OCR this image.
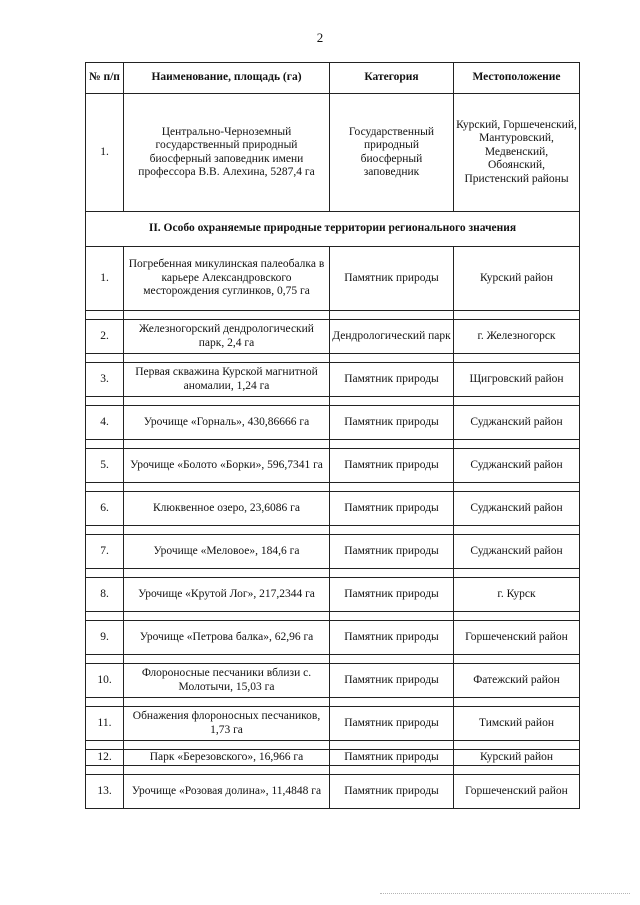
2
№ п/п	Наименование, площадь (га)	Категория	Местоположение
1.	Центрально-Черноземный государственный природный биосферный заповедник имени профессора В.В. Алехина, 5287,4 га	Государственный природный биосферный заповедник	Курский, Горшеченский, Мантуровский, Медвенский, Обоянский, Пристенский районы
II. Особо охраняемые природные территории регионального значения			
1.	Погребенная микулинская палеобалка в карьере Александровского месторождения суглинков, 0,75 га	Памятник природы	Курский район

2.	Железногорский дендрологический парк, 2,4 га	Дендрологический парк	г. Железногорск

3.	Первая скважина Курской магнитной аномалии, 1,24 га	Памятник природы	Щигровский район

4.	Урочище «Горналь», 430,86666 га	Памятник природы	Суджанский район

5.	Урочище «Болото «Борки», 596,7341 га	Памятник природы	Суджанский район

6.	Клюквенное озеро, 23,6086 га	Памятник природы	Суджанский район

7.	Урочище «Меловое», 184,6 га	Памятник природы	Суджанский район

8.	Урочище «Крутой Лог», 217,2344 га	Памятник природы	г. Курск

9.	Урочище «Петрова балка», 62,96 га	Памятник природы	Горшеченский район

10.	Флороносные песчаники вблизи с. Молотычи, 15,03 га	Памятник природы	Фатежский район

11.	Обнажения флороносных песчаников, 1,73 га	Памятник природы	Тимский район

12.	Парк «Березовского», 16,966 га	Памятник природы	Курский район

13.	Урочище «Розовая долина», 11,4848 га	Памятник природы	Горшеченский район
